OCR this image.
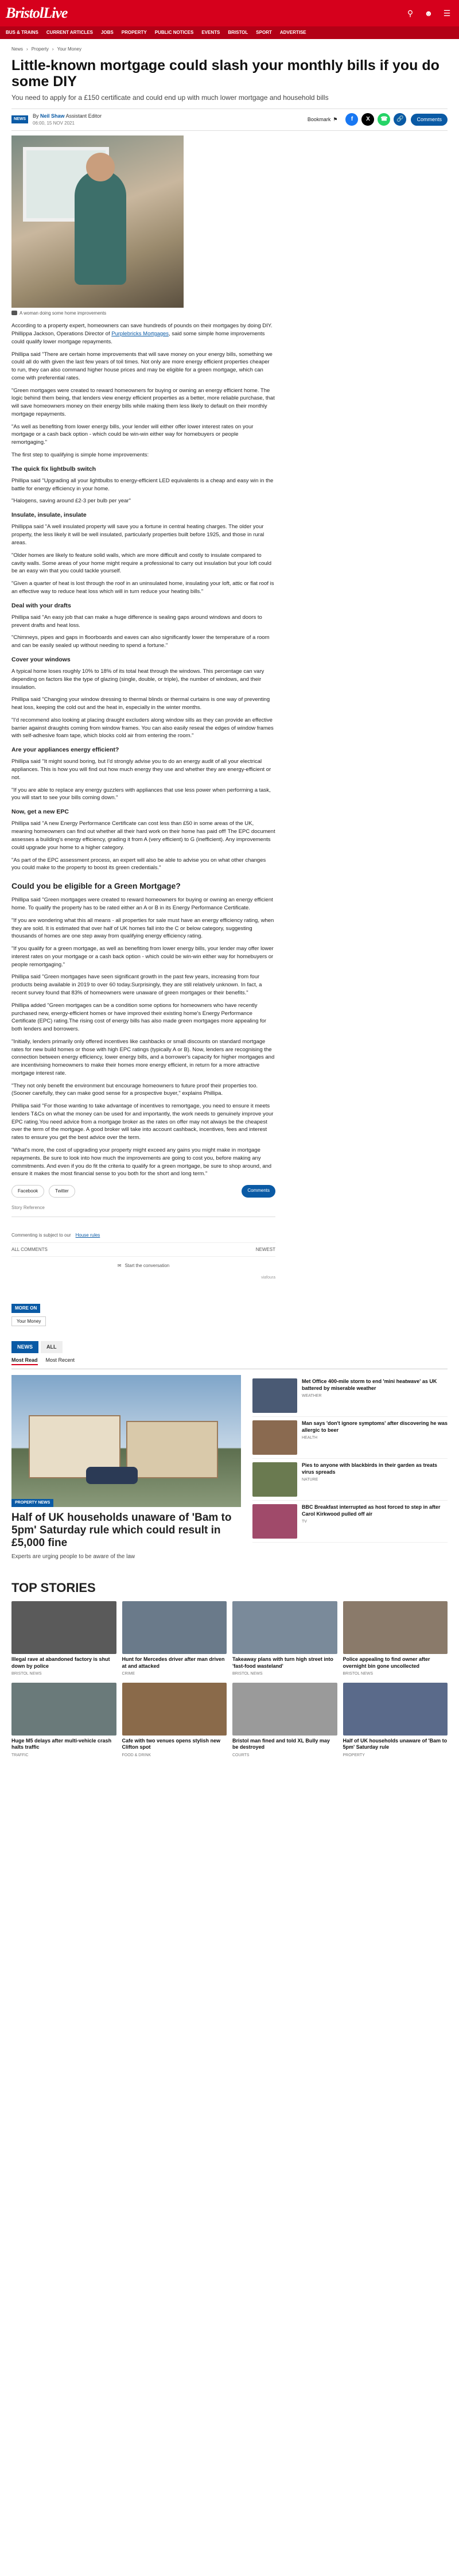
BristolLive	⚲	☻	☰
BUS & TRAINS CURRENT ARTICLES JOBS PROPERTY PUBLIC NOTICES EVENTS BRISTOL SPORT ADVERTISE
News › Property › Your Money
Little-known mortgage could slash your monthly bills if you do some DIY
You need to apply for a £150 certificate and could end up with much lower mortgage and household bills
NEWS
By Neil Shaw Assistant Editor
06:00, 15 NOV 2021
Bookmark ⚑	f	X	☎	🔗	Comments
A woman doing some home improvements

According to a property expert, homeowners can save hundreds of pounds on their mortgages by doing DIY. Phillippa Jackson, Operations Director of Purplebricks Mortgages, said some simple home improvements could qualify lower mortgage repayments.

Phillipa said "There are certain home improvements that will save money on your energy bills, something we could all do with given the last few years of toil times. Not only are more energy efficient properties cheaper to run, they can also command higher house prices and may be eligible for a green mortgage, which can come with preferential rates.

"Green mortgages were created to reward homeowners for buying or owning an energy efficient home. The logic behind them being, that lenders view energy efficient properties as a better, more reliable purchase, that will save homeowners money on their energy bills while making them less likely to default on their monthly mortgage repayments.

"As well as benefiting from lower energy bills, your lender will either offer lower interest rates on your mortgage or a cash back option - which could be win-win either way for homebuyers or people remortgaging."

The first step to qualifying is simple home improvements:

The quick fix lightbulb switch

Phillipa said "Upgrading all your lightbulbs to energy-efficient LED equivalents is a cheap and easy win in the battle for energy efficiency in your home.

"Halogens, saving around £2-3 per bulb per year"

Insulate, insulate, insulate

Phillippa said "A well insulated property will save you a fortune in central heating charges. The older your property, the less likely it will be well insulated, particularly properties built before 1925, and those in rural areas.

"Older homes are likely to feature solid walls, which are more difficult and costly to insulate compared to cavity walls. Some areas of your home might require a professional to carry out insulation but your loft could be an easy win that you could tackle yourself.

"Given a quarter of heat is lost through the roof in an uninsulated home, insulating your loft, attic or flat roof is an effective way to reduce heat loss which will in turn reduce your heating bills."

Deal with your drafts

Phillipa said "An easy job that can make a huge difference is sealing gaps around windows and doors to prevent drafts and heat loss.

"Chimneys, pipes and gaps in floorboards and eaves can also significantly lower the temperature of a room and can be easily sealed up without needing to spend a fortune."

Cover your windows

A typical home loses roughly 10% to 18% of its total heat through the windows. This percentage can vary depending on factors like the type of glazing (single, double, or triple), the number of windows, and their insulation.

Phillipa said "Changing your window dressing to thermal blinds or thermal curtains is one way of preventing heat loss, keeping the cold out and the heat in, especially in the winter months.

"I'd recommend also looking at placing draught excluders along window sills as they can provide an effective barrier against draughts coming from window frames. You can also easily reseal the edges of window frames with self-adhesive foam tape, which blocks cold air from entering the room."

Are your appliances energy efficient?

Phillipa said "It might sound boring, but I'd strongly advise you to do an energy audit of all your electrical appliances. This is how you will find out how much energy they use and whether they are energy-efficient or not.

"If you are able to replace any energy guzzlers with appliances that use less power when performing a task, you will start to see your bills coming down."

Now, get a new EPC

Phillipa said "A new Energy Performance Certificate can cost less than £50 in some areas of the UK, meaning homeowners can find out whether all their hard work on their home has paid off! The EPC document assesses a building's energy efficiency, grading it from A (very efficient) to G (inefficient). Any improvements could upgrade your home to a higher category.

"As part of the EPC assessment process, an expert will also be able to advise you on what other changes you could make to the property to boost its green credentials."

Could you be eligible for a Green Mortgage?

Phillipa said "Green mortgages were created to reward homeowners for buying or owning an energy efficient home. To qualify the property has to be rated either an A or B in its Energy Performance Certificate.

"If you are wondering what this all means - all properties for sale must have an energy efficiency rating, when they are sold. It is estimated that over half of UK homes fall into the C or below category, suggesting thousands of homes are one step away from qualifying energy efficiency rating.

"If you qualify for a green mortgage, as well as benefiting from lower energy bills, your lender may offer lower interest rates on your mortgage or a cash back option - which could be win-win either way for homebuyers or people remortgaging."

Phillipa said "Green mortgages have seen significant growth in the past few years, increasing from four products being available in 2019 to over 60 today.Surprisingly, they are still relatively unknown. In fact, a recent survey found that 83% of homeowners were unaware of green mortgages or their benefits."

Phillipa added "Green mortgages can be a condition some options for homeowners who have recently purchased new, energy-efficient homes or have improved their existing home's Energy Performance Certificate (EPC) rating.The rising cost of energy bills has also made green mortgages more appealing for both lenders and borrowers.

"Initially, lenders primarily only offered incentives like cashbacks or small discounts on standard mortgage rates for new build homes or those with high EPC ratings (typically A or B). Now, lenders are recognising the connection between energy efficiency, lower energy bills, and a borrower's capacity for higher mortgages and are incentivising homeowners to make their homes more energy efficient, in return for a more attractive mortgage interest rate.

"They not only benefit the environment but encourage homeowners to future proof their properties too. (Sooner carefully, they can make good sense for a prospective buyer," explains Phillipa.

Phillipa said "For those wanting to take advantage of incentives to remortgage, you need to ensure it meets lenders T&Cs on what the money can be used for and importantly, the work needs to genuinely improve your EPC rating.You need advice from a mortgage broker as the rates on offer may not always be the cheapest over the term of the mortgage. A good broker will take into account cashback, incentives, fees and interest rates to ensure you get the best advice over the term.

"What's more, the cost of upgrading your property might exceed any gains you might make in mortgage repayments. Be sure to look into how much the improvements are going to cost you, before making any commitments. And even if you do fit the criteria to qualify for a green mortgage, be sure to shop around, and ensure it makes the most financial sense to you both for the short and long term."

Facebook	Twitter	Comments
Story Reference
Commenting is subject to our House rules
ALL COMMENTS	NEWEST
✉ Start the conversation
viafoura
MORE ON
Your Money
NEWS	ALL
Most Read Most Recent
PROPERTY NEWS
Half of UK households unaware of 'Bam to 5pm' Saturday rule which could result in £5,000 fine

Experts are urging people to be aware of the law

Met Office 400-mile storm to end 'mini heatwave' as UK battered by miserable weather
WEATHER
Man says 'don't ignore symptoms' after discovering he was allergic to beer
HEALTH
Pies to anyone with blackbirds in their garden as treats virus spreads
NATURE
BBC Breakfast interrupted as host forced to step in after Carol Kirkwood pulled off air
TV
TOP STORIES
Illegal rave at abandoned factory is shut down by police
BRISTOL NEWS
Hunt for Mercedes driver after man driven at and attacked
CRIME
Takeaway plans with turn high street into 'fast-food wasteland'
BRISTOL NEWS
Police appealing to find owner after overnight bin gone uncollected
BRISTOL NEWS
Huge M5 delays after multi-vehicle crash halts traffic
TRAFFIC
Cafe with two venues opens stylish new Clifton spot
FOOD & DRINK
Bristol man fined and told XL Bully may be destroyed
COURTS
Half of UK households unaware of 'Bam to 5pm' Saturday rule
PROPERTY
